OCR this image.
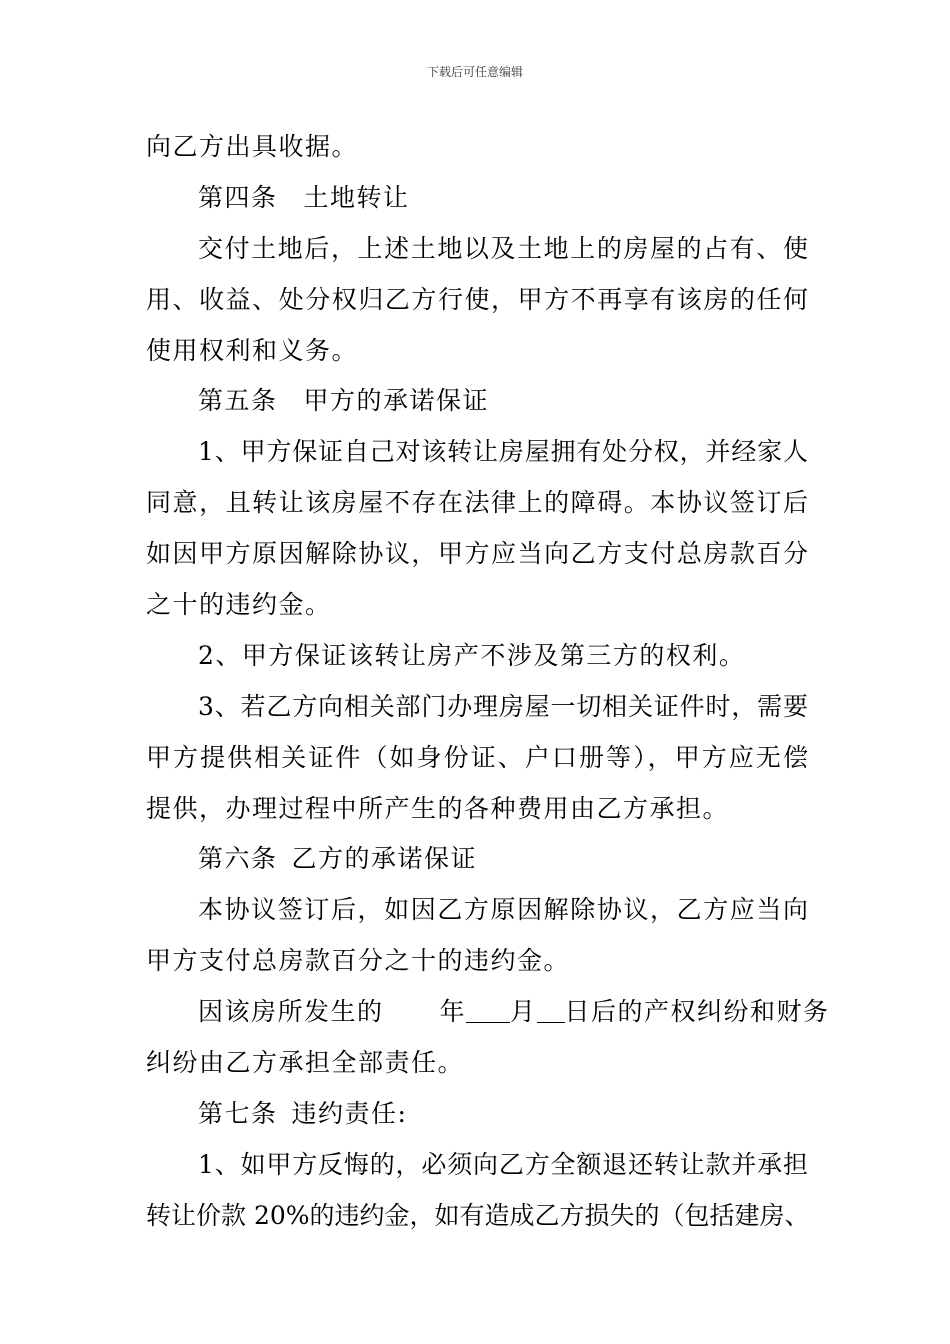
下载后可任意编辑
向乙方出具收据。
第四条 土地转让
交付土地后，上述土地以及土地上的房屋的占有、使
用、收益、处分权归乙方行使，甲方不再享有该房的任何
使用权利和义务。
第五条 甲方的承诺保证
1、甲方保证自己对该转让房屋拥有处分权，并经家人
同意，且转让该房屋不存在法律上的障碍。本协议签订后
如因甲方原因解除协议，甲方应当向乙方支付总房款百分
之十的违约金。
2、甲方保证该转让房产不涉及第三方的权利。
3、若乙方向相关部门办理房屋一切相关证件时，需要
甲方提供相关证件（如身份证、户口册等），甲方应无偿
提供，办理过程中所产生的各种费用由乙方承担。
第六条 乙方的承诺保证
本协议签订后，如因乙方原因解除协议，乙方应当向
甲方支付总房款百分之十的违约金。
因该房所发生的 年 月 日后的产权纠纷和财务
纠纷由乙方承担全部责任。
第七条 违约责任:
1、如甲方反悔的，必须向乙方全额退还转让款并承担
转让价款 20%的违约金，如有造成乙方损失的（包括建房、
